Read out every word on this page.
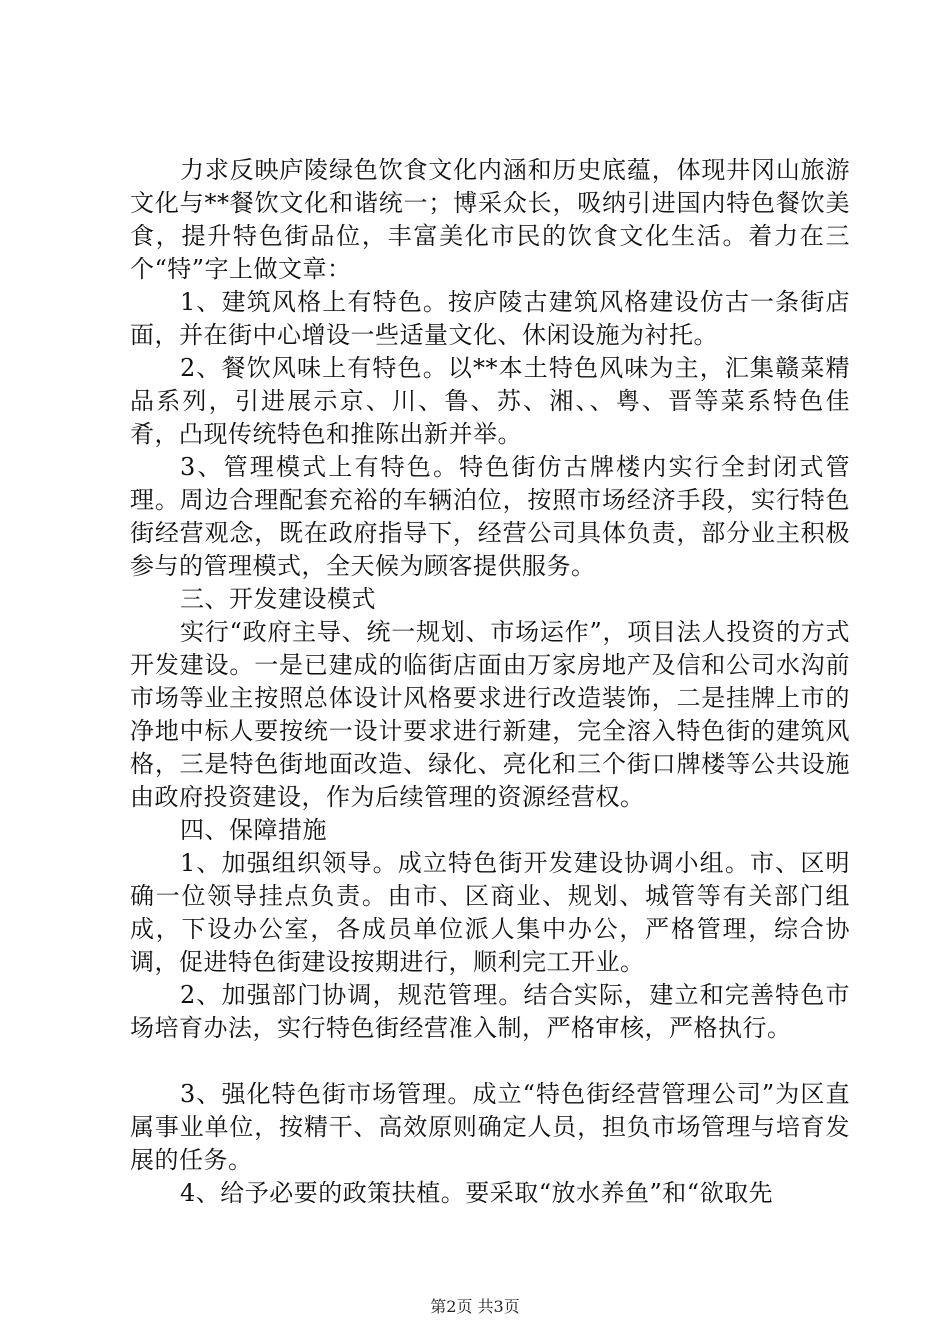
力求反映庐陵绿色饮食文化内涵和历史底蕴，体现井冈山旅游文化与**餐饮文化和谐统一；博采众长，吸纳引进国内特色餐饮美食，提升特色街品位，丰富美化市民的饮食文化生活。着力在三个“特”字上做文章：

1、建筑风格上有特色。按庐陵古建筑风格建设仿古一条街店面，并在街中心增设一些适量文化、休闲设施为衬托。

2、餐饮风味上有特色。以**本土特色风味为主，汇集赣菜精品系列，引进展示京、川、鲁、苏、湘、、粤、晋等菜系特色佳肴，凸现传统特色和推陈出新并举。

3、管理模式上有特色。特色街仿古牌楼内实行全封闭式管理。周边合理配套充裕的车辆泊位，按照市场经济手段，实行特色街经营观念，既在政府指导下，经营公司具体负责，部分业主积极参与的管理模式，全天候为顾客提供服务。

三、开发建设模式

实行“政府主导、统一规划、市场运作”，项目法人投资的方式开发建设。一是已建成的临街店面由万家房地产及信和公司水沟前市场等业主按照总体设计风格要求进行改造装饰，二是挂牌上市的净地中标人要按统一设计要求进行新建，完全溶入特色街的建筑风格，三是特色街地面改造、绿化、亮化和三个街口牌楼等公共设施由政府投资建设，作为后续管理的资源经营权。

四、保障措施

1、加强组织领导。成立特色街开发建设协调小组。市、区明确一位领导挂点负责。由市、区商业、规划、城管等有关部门组成，下设办公室，各成员单位派人集中办公，严格管理，综合协调，促进特色街建设按期进行，顺利完工开业。

2、加强部门协调，规范管理。结合实际，建立和完善特色市场培育办法，实行特色街经营准入制，严格审核，严格执行。

3、强化特色街市场管理。成立“特色街经营管理公司”为区直属事业单位，按精干、高效原则确定人员，担负市场管理与培育发展的任务。

4、给予必要的政策扶植。要采取“放水养鱼”和“欲取先

第2页 共3页
